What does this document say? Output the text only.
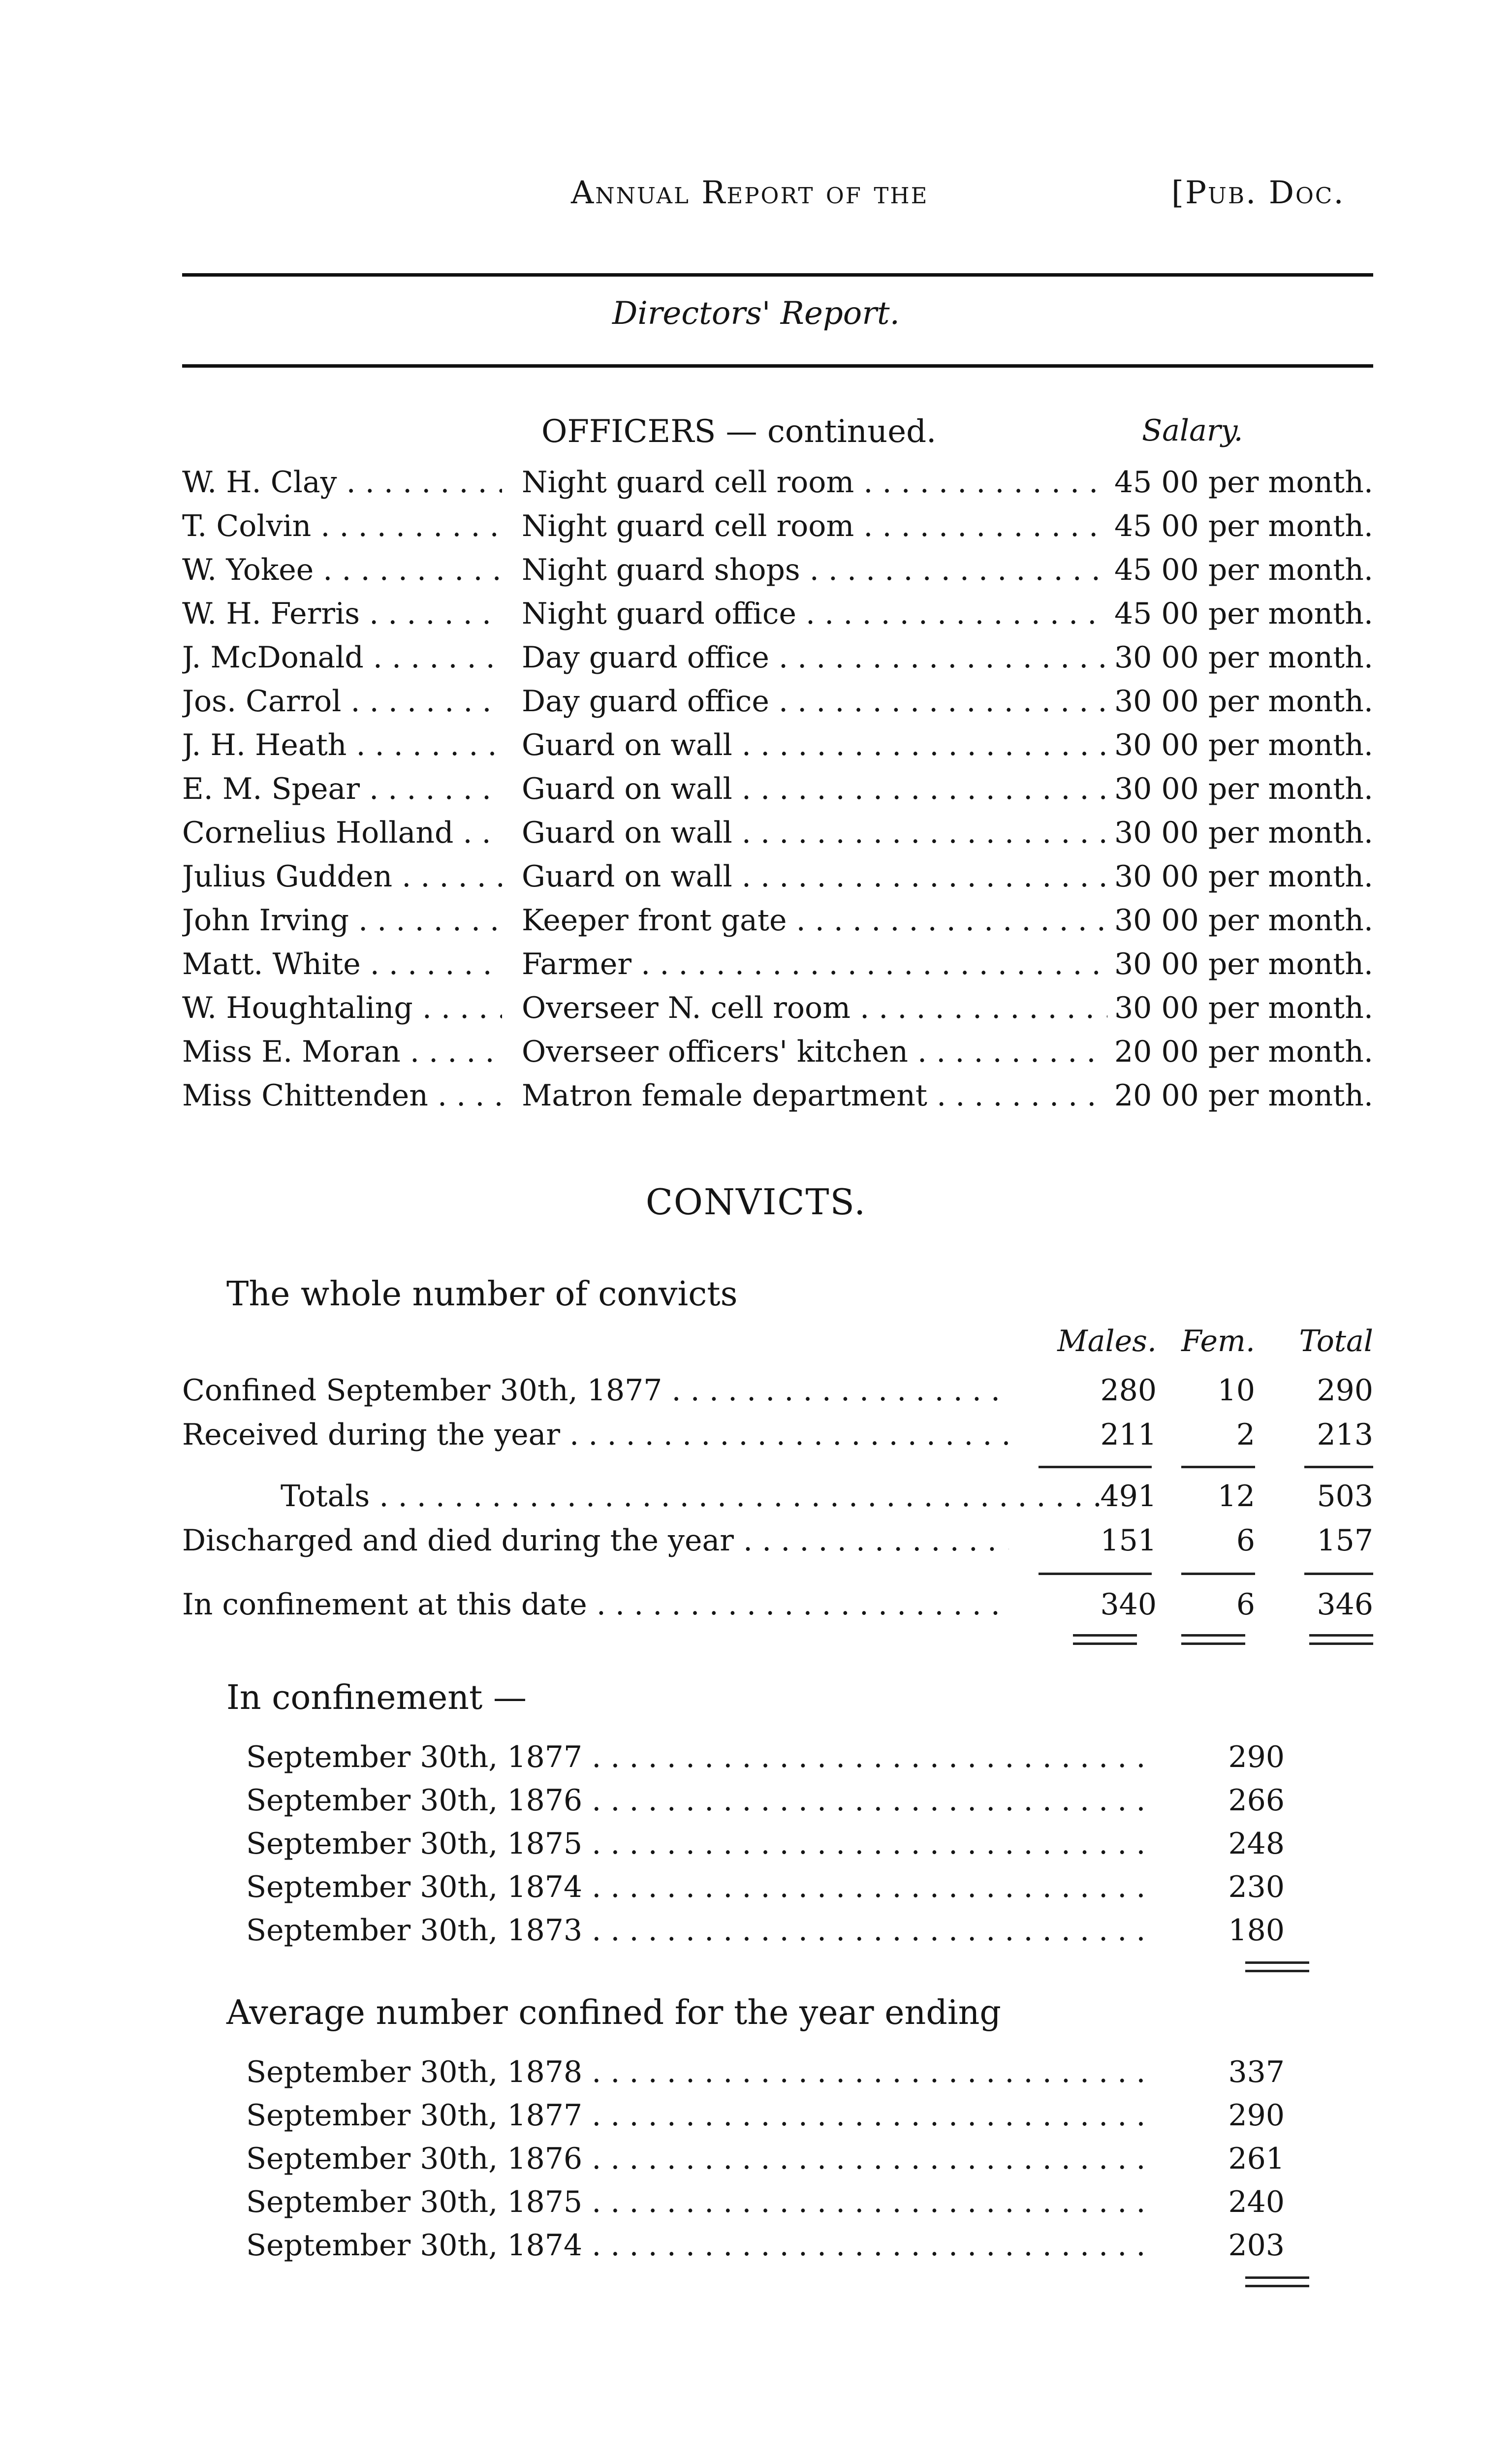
Annual Report of the	[Pub. Doc.
Directors' Report.
OFFICERS — continued.	Salary.
W. H. Clay . . .	Night guard cell room . . .	45 00 per month.
T. Colvin . . .	Night guard cell room . . .	45 00 per month.
W. Yokee . . .	Night guard shops . . .	45 00 per month.
W. H. Ferris . . .	Night guard office . . .	45 00 per month.
J. McDonald . . .	Day guard office . . .	30 00 per month.
Jos. Carrol . . .	Day guard office . . .	30 00 per month.
J. H. Heath . . .	Guard on wall . . .	30 00 per month.
E. M. Spear . . .	Guard on wall . . .	30 00 per month.
Cornelius Holland . . .	Guard on wall . . .	30 00 per month.
Julius Gudden . . .	Guard on wall . . .	30 00 per month.
John Irving . . .	Keeper front gate . . .	30 00 per month.
Matt. White . . .	Farmer . . .	30 00 per month.
W. Houghtaling . . .	Overseer N. cell room . . .	30 00 per month.
Miss E. Moran . . .	Overseer officers' kitchen . . .	20 00 per month.
Miss Chittenden . . .	Matron female department . . .	20 00 per month.
CONVICTS.
The whole number of convicts
Males. Fem.	Total
Confined September 30th, 1877 . . .	280	10	290
Received during the year . . .	211	2	213
Totals . . .	491	12	503
Discharged and died during the year . . .	151	6	157
In confinement at this date . . .	340	6	346
In confinement —
September 30th, 1877 . . .	290
September 30th, 1876 . . .	266
September 30th, 1875 . . .	248
September 30th, 1874 . . .	230
September 30th, 1873 . . .	180
Average number confined for the year ending
September 30th, 1878 . . .	337
September 30th, 1877 . . .	290
September 30th, 1876 . . .	261
September 30th, 1875 . . .	240
September 30th, 1874 . . .	203
